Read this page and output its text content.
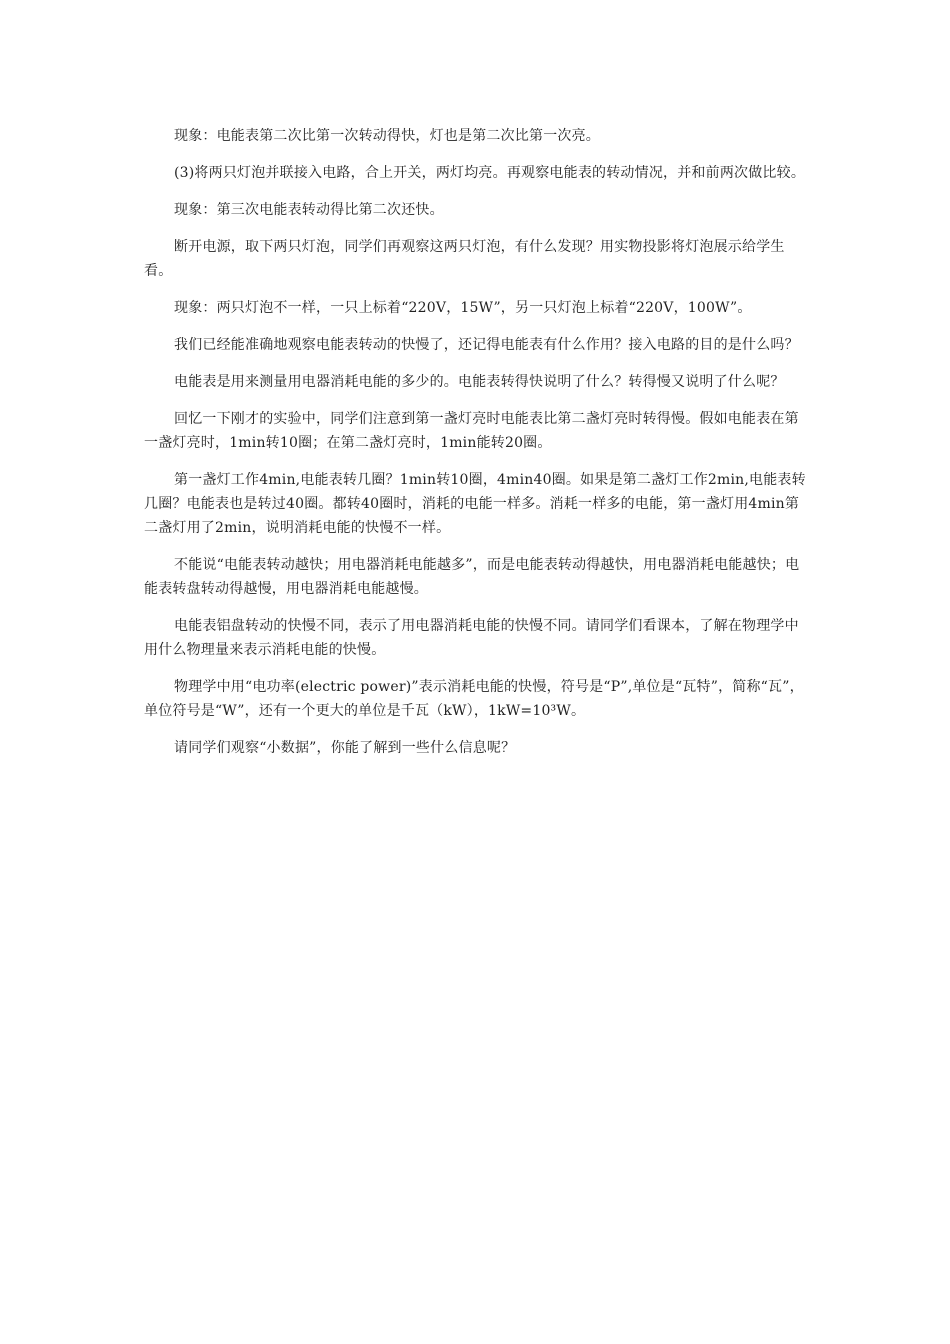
现象：电能表第二次比第一次转动得快，灯也是第二次比第一次亮。

(3)将两只灯泡并联接入电路，合上开关，两灯均亮。再观察电能表的转动情况，并和前两次做比较。

现象：第三次电能表转动得比第二次还快。

断开电源，取下两只灯泡，同学们再观察这两只灯泡，有什么发现？用实物投影将灯泡展示给学生看。

现象：两只灯泡不一样，一只上标着“220V，15W”，另一只灯泡上标着“220V，100W”。

我们已经能准确地观察电能表转动的快慢了，还记得电能表有什么作用？接入电路的目的是什么吗？

电能表是用来测量用电器消耗电能的多少的。电能表转得快说明了什么？转得慢又说明了什么呢？

回忆一下刚才的实验中，同学们注意到第一盏灯亮时电能表比第二盏灯亮时转得慢。假如电能表在第一盏灯亮时，1min转10圈；在第二盏灯亮时，1min能转20圈。

第一盏灯工作4min,电能表转几圈？1min转10圈，4min40圈。如果是第二盏灯工作2min,电能表转几圈？电能表也是转过40圈。都转40圈时，消耗的电能一样多。消耗一样多的电能，第一盏灯用4min第二盏灯用了2min，说明消耗电能的快慢不一样。

不能说“电能表转动越快；用电器消耗电能越多”，而是电能表转动得越快，用电器消耗电能越快；电能表转盘转动得越慢，用电器消耗电能越慢。

电能表铝盘转动的快慢不同，表示了用电器消耗电能的快慢不同。请同学们看课本，了解在物理学中用什么物理量来表示消耗电能的快慢。

物理学中用“电功率(electric power)”表示消耗电能的快慢，符号是“P”,单位是“瓦特”，简称“瓦”，单位符号是“W”，还有一个更大的单位是千瓦（kW），1kW=10³W。

请同学们观察“小数据”，你能了解到一些什么信息呢？
